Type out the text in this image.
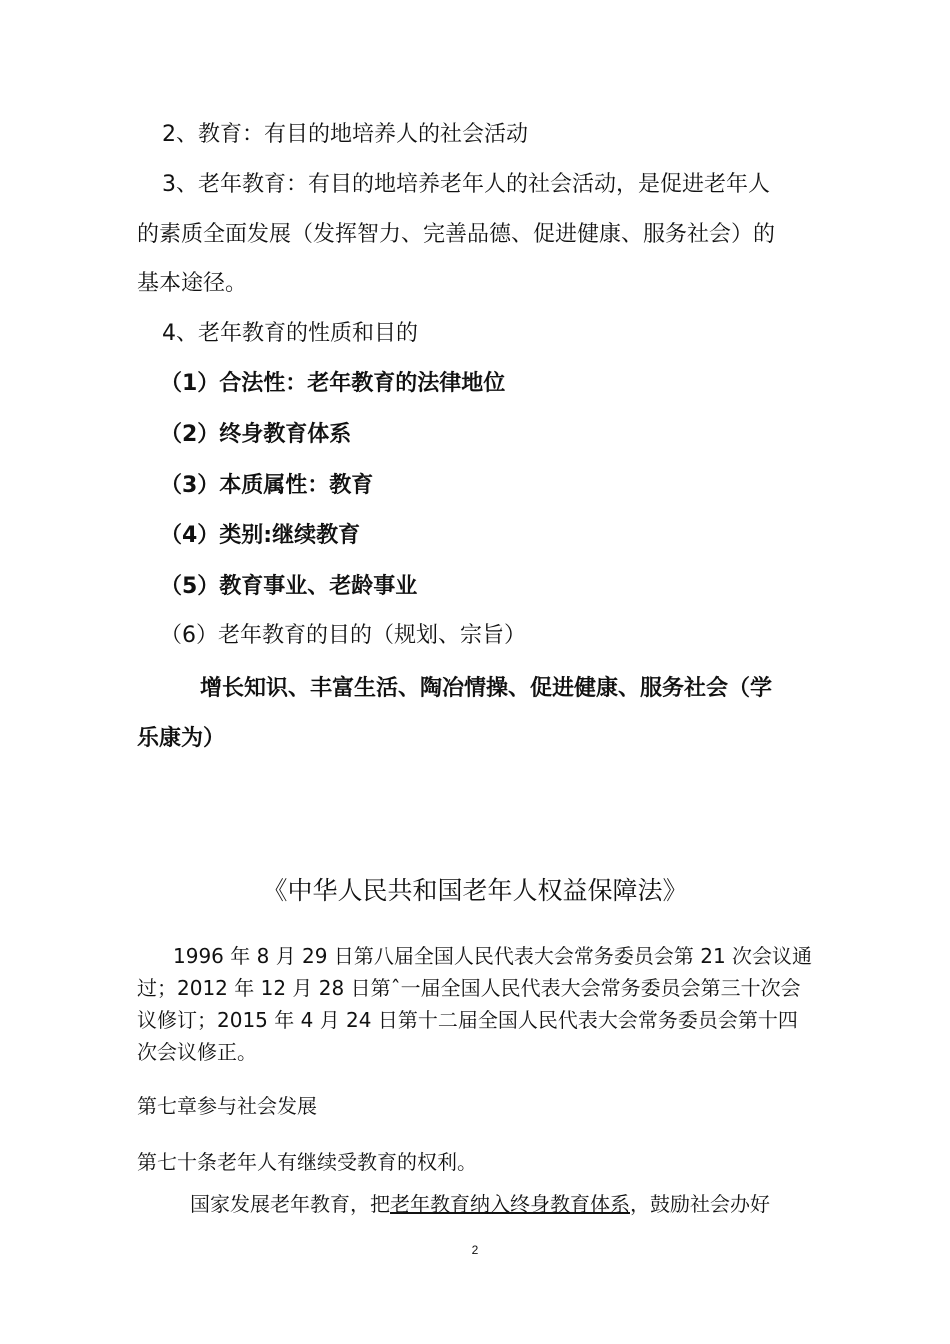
2、教育：有目的地培养人的社会活动
3、老年教育：有目的地培养老年人的社会活动，是促进老年人
的素质全面发展（发挥智力、完善品德、促进健康、服务社会）的
基本途径。
4、老年教育的性质和目的
（1）合法性：老年教育的法律地位
（2）终身教育体系
（3）本质属性：教育
（4）类别:继续教育
（5）教育事业、老龄事业
（6）老年教育的目的（规划、宗旨）
增长知识、丰富生活、陶冶情操、促进健康、服务社会（学
乐康为）
《中华人民共和国老年人权益保障法》
1996 年 8 月 29 日第八届全国人民代表大会常务委员会第 21 次会议通
过；2012 年 12 月 28 日第ˆ一届全国人民代表大会常务委员会第三十次会
议修订；2015 年 4 月 24 日第十二届全国人民代表大会常务委员会第十四
次会议修正。
第七章参与社会发展
第七十条老年人有继续受教育的权利。
国家发展老年教育，把老年教育纳入终身教育体系，鼓励社会办好
2
